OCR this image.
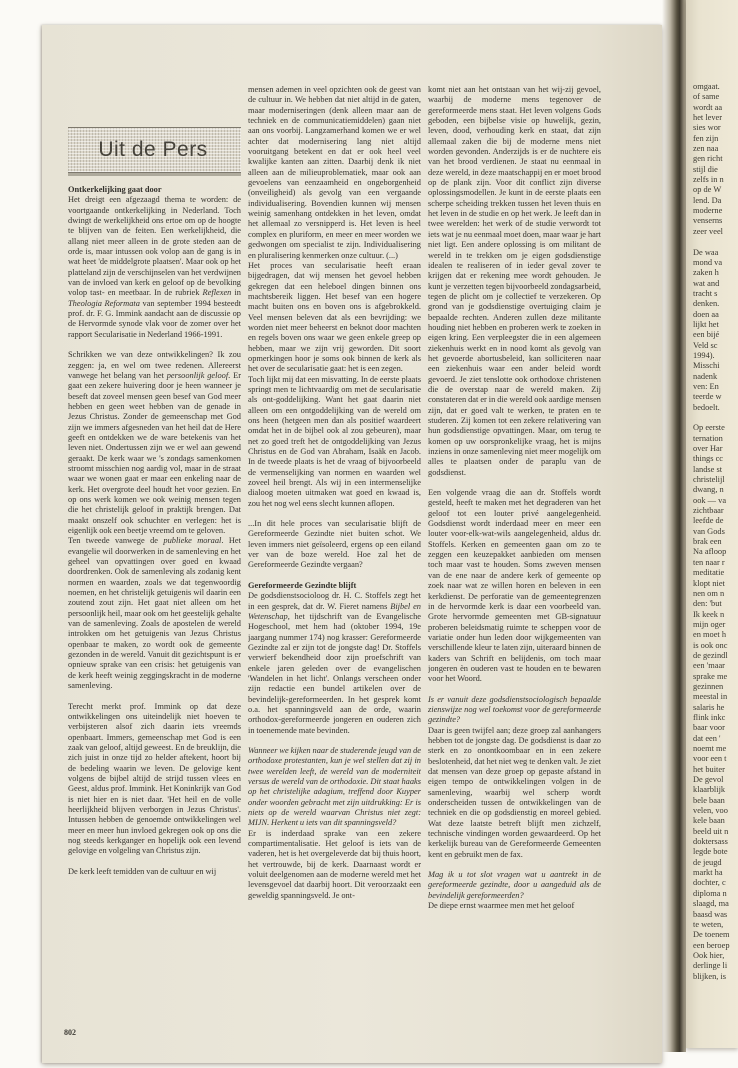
Uit de Pers
Ontkerkelijking gaat door
Het dreigt een afgezaagd thema te worden: de voortgaande ontkerkelijking in Nederland. Toch dwingt de werkelijkheid ons ertoe om op de hoogte te blijven van de feiten. Een werkelijkheid, die allang niet meer alleen in de grote steden aan de orde is, maar intussen ook volop aan de gang is in wat heet 'de middelgrote plaatsen'. Maar ook op het platteland zijn de verschijnselen van het verdwijnen van de invloed van kerk en geloof op de bevolking volop tast- en meetbaar. In de rubriek Reflexen in Theologia Reformata van september 1994 besteedt prof. dr. F. G. Immink aandacht aan de discussie op de Hervormde synode vlak voor de zomer over het rapport Secularisatie in Nederland 1966-1991.
Schrikken we van deze ontwikkelingen? Ik zou zeggen: ja, en wel om twee redenen. Allereerst vanwege het belang van het persoonlijk geloof. Er gaat een zekere huivering door je heen wanneer je beseft dat zoveel mensen geen besef van God meer hebben en geen weet hebben van de genade in Jezus Christus. Zonder de gemeenschap met God zijn we immers afgesneden van het heil dat de Here geeft en ontdekken we de ware betekenis van het leven niet. Ondertussen zijn we er wel aan gewend geraakt. De kerk waar we 's zondags samenkomen stroomt misschien nog aardig vol, maar in de straat waar we wonen gaat er maar een enkeling naar de kerk. Het overgrote deel houdt het voor gezien. En op ons werk komen we ook weinig mensen tegen die het christelijk geloof in praktijk brengen. Dat maakt onszelf ook schuchter en verlegen: het is eigenlijk ook een beetje vreemd om te geloven.
Ten tweede vanwege de publieke moraal. Het evangelie wil doorwerken in de samenleving en het geheel van opvattingen over goed en kwaad doordrenken. Ook de samenleving als zodanig kent normen en waarden, zoals we dat tegenwoordig noemen, en het christelijk getuigenis wil daarin een zoutend zout zijn. Het gaat niet alleen om het persoonlijk heil, maar ook om het geestelijk gehalte van de samenleving. Zoals de apostelen de wereld introkken om het getuigenis van Jezus Christus openbaar te maken, zo wordt ook de gemeente gezonden in de wereld. Vanuit dit gezichtspunt is er opnieuw sprake van een crisis: het getuigenis van de kerk heeft weinig zeggingskracht in de moderne samenleving.
Terecht merkt prof. Immink op dat deze ontwikkelingen ons uiteindelijk niet hoeven te verbijsteren alsof zich daarin iets vreemds openbaart. Immers, gemeenschap met God is een zaak van geloof, altijd geweest. En de breuklijn, die zich juist in onze tijd zo helder aftekent, hoort bij de bedeling waarin we leven. De gelovige kent volgens de bijbel altijd de strijd tussen vlees en Geest, aldus prof. Immink. Het Koninkrijk van God is niet hier en is niet daar. 'Het heil en de volle heerlijkheid blijven verborgen in Jezus Christus'. Intussen hebben de genoemde ontwikkelingen wel meer en meer hun invloed gekregen ook op ons die nog steeds kerkganger en hopelijk ook een levend gelovige en volgeling van Christus zijn.
De kerk leeft temidden van de cultuur en wij
mensen ademen in veel opzichten ook de geest van de cultuur in. We hebben dat niet altijd in de gaten, maar moderniseringen (denk alleen maar aan de techniek en de communicatiemiddelen) gaan niet aan ons voorbij. Langzamerhand komen we er wel achter dat modernisering lang niet altijd vooruitgang betekent en dat er ook heel veel kwalijke kanten aan zitten. Daarbij denk ik niet alleen aan de milieuproblematiek, maar ook aan gevoelens van eenzaamheid en ongeborgenheid (onveiligheid) als gevolg van een vergaande individualisering. Bovendien kunnen wij mensen weinig samenhang ontdekken in het leven, omdat het allemaal zo versnipperd is. Het leven is heel complex en pluriform, en meer en meer worden we gedwongen om specialist te zijn. Individualisering en pluralisering kenmerken onze cultuur. (...)
Het proces van secularisatie heeft eraan bijgedragen, dat wij mensen het gevoel hebben gekregen dat een heleboel dingen binnen ons machtsbereik liggen. Het besef van een hogere macht buiten ons en boven ons is afgebrokkeld. Veel mensen beleven dat als een bevrijding: we worden niet meer beheerst en beknot door machten en regels boven ons waar we geen enkele greep op hebben, maar we zijn vrij geworden. Dit soort opmerkingen hoor je soms ook binnen de kerk als het over de secularisatie gaat: het is een zegen.
Toch lijkt mij dat een misvatting. In de eerste plaats springt men te lichtvaardig om met de secularisatie als ont-goddelijking. Want het gaat daarin niet alleen om een ontgoddelijking van de wereld om ons heen (hetgeen men dan als positief waardeert omdat het in de bijbel ook al zou gebeuren), maar net zo goed treft het de ontgoddelijking van Jezus Christus en de God van Abraham, Isaäk en Jacob. In de tweede plaats is het de vraag of bijvoorbeeld de vermenselijking van normen en waarden wel zoveel heil brengt. Als wij in een intermenselijke dialoog moeten uitmaken wat goed en kwaad is, zou het nog wel eens slecht kunnen aflopen.
...In dit hele proces van secularisatie blijft de Gereformeerde Gezindte niet buiten schot. We leven immers niet geïsoleerd, ergens op een eiland ver van de boze wereld. Hoe zal het de Gereformeerde Gezindte vergaan?
Gereformeerde Gezindte blijft
De godsdienstsocioloog dr. H. C. Stoffels zegt het in een gesprek, dat dr. W. Fieret namens Bijbel en Wetenschap, het tijdschrift van de Evangelische Hogeschool, met hem had (oktober 1994, 19e jaargang nummer 174) nog krasser: Gereformeerde Gezindte zal er zijn tot de jongste dag! Dr. Stoffels verwierf bekendheid door zijn proefschrift van enkele jaren geleden over de evangelischen 'Wandelen in het licht'. Onlangs verscheen onder zijn redactie een bundel artikelen over de bevindelijk-gereformeerden. In het gesprek komt o.a. het spanningsveld aan de orde, waarin orthodox-gereformeerde jongeren en ouderen zich in toenemende mate bevinden.
Wanneer we kijken naar de studerende jeugd van de orthodoxe protestanten, kun je wel stellen dat zij in twee werelden leeft, de wereld van de moderniteit versus de wereld van de orthodoxie. Dit staat haaks op het christelijke adagium, treffend door Kuyper onder woorden gebracht met zijn uitdrukking: Er is niets op de wereld waarvan Christus niet zegt: MIJN. Herkent u iets van dit spanningsveld?
Er is inderdaad sprake van een zekere compartimentalisatie. Het geloof is iets van de vaderen, het is het overgeleverde dat bij thuis hoort, het vertrouwde, bij de kerk. Daarnaast wordt er voluit deelgenomen aan de moderne wereld met het levensgevoel dat daarbij hoort. Dit veroorzaakt een geweldig spanningsveld. Je ont-
komt niet aan het ontstaan van het wij-zij gevoel, waarbij de moderne mens tegenover de gereformeerde mens staat. Het leven volgens Gods geboden, een bijbelse visie op huwelijk, gezin, leven, dood, verhouding kerk en staat, dat zijn allemaal zaken die bij de moderne mens niet worden gevonden. Anderzijds is er de nuchtere eis van het brood verdienen. Je staat nu eenmaal in deze wereld, in deze maatschappij en er moet brood op de plank zijn. Voor dit conflict zijn diverse oplossingsmodellen. Je kunt in de eerste plaats een scherpe scheiding trekken tussen het leven thuis en het leven in de studie en op het werk. Je leeft dan in twee werelden: het werk of de studie verwordt tot iets wat je nu eenmaal moet doen, maar waar je hart niet ligt. Een andere oplossing is om militant de wereld in te trekken om je eigen godsdienstige idealen te realiseren of in ieder geval zover te krijgen dat er rekening mee wordt gehouden. Je kunt je verzetten tegen bijvoorbeeld zondagsarbeid, tegen de plicht om je collectief te verzekeren. Op grond van je godsdienstige overtuiging claim je bepaalde rechten. Anderen zullen deze militante houding niet hebben en proberen werk te zoeken in eigen kring. Een verpleegster die in een algemeen ziekenhuis werkt en in nood komt als gevolg van het gevoerde abortusbeleid, kan solliciteren naar een ziekenhuis waar een ander beleid wordt gevoerd. Je ziet tenslotte ook orthodoxe christenen die de overstap naar de wereld maken. Zij constateren dat er in die wereld ook aardige mensen zijn, dat er goed valt te werken, te praten en te studeren. Zij komen tot een zekere relativering van hun godsdienstige opvattingen. Maar, om terug te komen op uw oorspronkelijke vraag, het is mijns inziens in onze samenleving niet meer mogelijk om alles te plaatsen onder de paraplu van de godsdienst.
Een volgende vraag die aan dr. Stoffels wordt gesteld, heeft te maken met het degraderen van het geloof tot een louter privé aangelegenheid. Godsdienst wordt inderdaad meer en meer een louter voor-elk-wat-wils aangelegenheid, aldus dr. Stoffels. Kerken en gemeenten gaan om zo te zeggen een keuzepakket aanbieden om mensen toch maar vast te houden. Soms zweven mensen van de ene naar de andere kerk of gemeente op zoek naar wat ze willen horen en beleven in een kerkdienst. De perforatie van de gemeentegrenzen in de hervormde kerk is daar een voorbeeld van. Grote hervormde gemeenten met GB-signatuur proberen beleidsmatig ruimte te scheppen voor de variatie onder hun leden door wijkgemeenten van verschillende kleur te laten zijn, uiteraard binnen de kaders van Schrift en belijdenis, om toch maar jongeren èn ouderen vast te houden en te bewaren voor het Woord.
Is er vanuit deze godsdienstsociologisch bepaalde zienswijze nog wel toekomst voor de gereformeerde gezindte?
Daar is geen twijfel aan; deze groep zal aanhangers hebben tot de jongste dag. De godsdienst is daar zo sterk en zo onontkoombaar en in een zekere beslotenheid, dat het niet weg te denken valt. Je ziet dat mensen van deze groep op gepaste afstand in eigen tempo de ontwikkelingen volgen in de samenleving, waarbij wel scherp wordt onderscheiden tussen de ontwikkelingen van de techniek en die op godsdienstig en moreel gebied. Wat deze laatste betreft blijft men zichzelf, technische vindingen worden gewaardeerd. Op het kerkelijk bureau van de Gereformeerde Gemeenten kent en gebruikt men de fax.
Mag ik u tot slot vragen wat u aantrekt in de gereformeerde gezindte, door u aangeduid als de bevindelijk gereformeerden?
De diepe ernst waarmee men met het geloof
802
omgaat.
of same
wordt aa
het lever
sies wor
fen zijn
zen naa
gen richt
stijl die
zelfs in n
op de W
lend. Da
moderne
venserns
zeer veel
De waa
mond va
zaken h
wat and
tracht s
denken.
doen aa
lijkt het
een bijé
Veld sc
1994).
Misschi
nadenk
ven: En
teerde w
bedoelt.
Op eerste
ternation
over Har
things cc
landse st
christelijl
dwang, n
ook — va
zichtbaar
leefde de
van Gods
brak een
Na afloop
ten naar r
meditatie
klopt niet
nen om n
den: 'but
Ik keek n
mijn oger
en moet h
is ook onc
de gezindl
een 'maar
sprake me
gezinnen
meestal in
salaris he
flink inkc
baar voor
dat een '
noemt me
voor een t
het buiter
De gevol
klaarblijk
bele baan
velen, voo
kele baan
beeld uit n
doktersass
legde bote
de jeugd
markt ha
dochter, c
diploma n
slaagd, ma
baasd was
te weten,
De toenem
een beroep
Ook hier,
derlinge li
blijken, is
